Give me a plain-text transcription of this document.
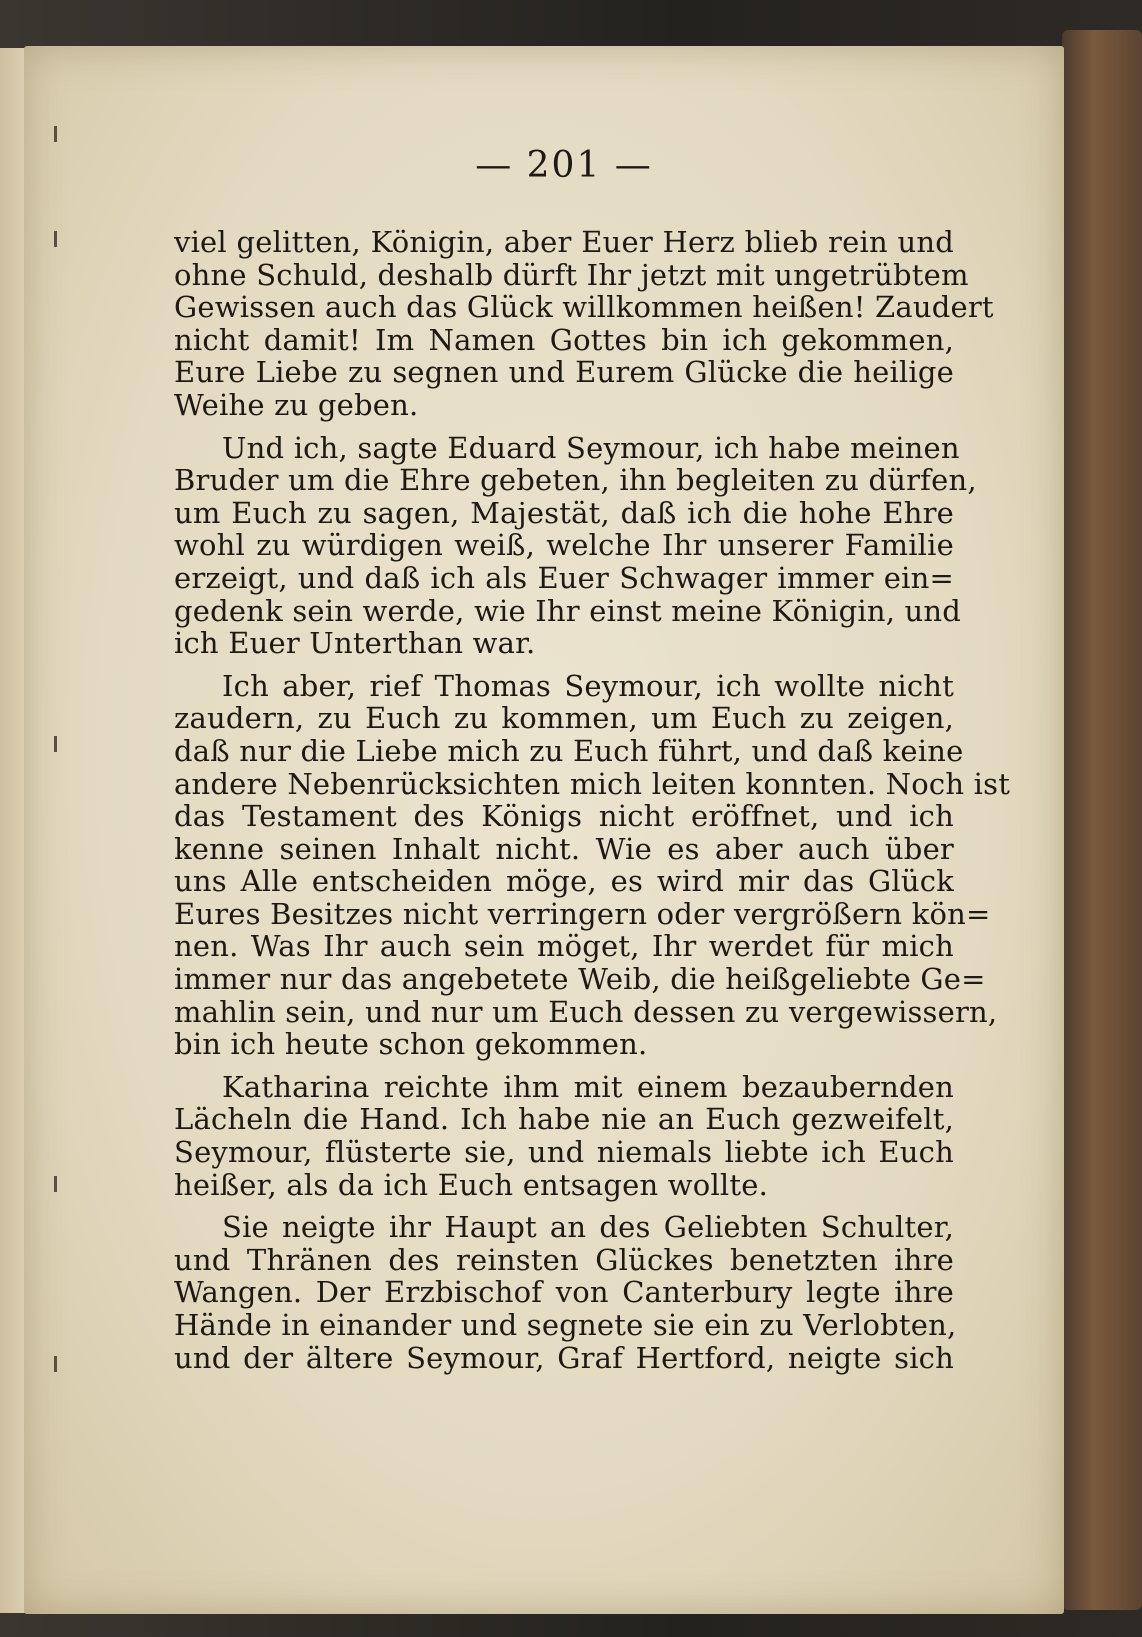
— 201 —
viel gelitten, Königin, aber Euer Herz blieb rein und
ohne Schuld, deshalb dürft Ihr jetzt mit ungetrübtem
Gewissen auch das Glück willkommen heißen! Zaudert
nicht damit! Im Namen Gottes bin ich gekommen,
Eure Liebe zu segnen und Eurem Glücke die heilige
Weihe zu geben.
Und ich, sagte Eduard Seymour, ich habe meinen
Bruder um die Ehre gebeten, ihn begleiten zu dürfen,
um Euch zu sagen, Majestät, daß ich die hohe Ehre
wohl zu würdigen weiß, welche Ihr unserer Familie
erzeigt, und daß ich als Euer Schwager immer ein=
gedenk sein werde, wie Ihr einst meine Königin, und
ich Euer Unterthan war.
Ich aber, rief Thomas Seymour, ich wollte nicht
zaudern, zu Euch zu kommen, um Euch zu zeigen,
daß nur die Liebe mich zu Euch führt, und daß keine
andere Nebenrücksichten mich leiten konnten. Noch ist
das Testament des Königs nicht eröffnet, und ich
kenne seinen Inhalt nicht. Wie es aber auch über
uns Alle entscheiden möge, es wird mir das Glück
Eures Besitzes nicht verringern oder vergrößern kön=
nen. Was Ihr auch sein möget, Ihr werdet für mich
immer nur das angebetete Weib, die heißgeliebte Ge=
mahlin sein, und nur um Euch dessen zu vergewissern,
bin ich heute schon gekommen.
Katharina reichte ihm mit einem bezaubernden
Lächeln die Hand. Ich habe nie an Euch gezweifelt,
Seymour, flüsterte sie, und niemals liebte ich Euch
heißer, als da ich Euch entsagen wollte.
Sie neigte ihr Haupt an des Geliebten Schulter,
und Thränen des reinsten Glückes benetzten ihre
Wangen. Der Erzbischof von Canterbury legte ihre
Hände in einander und segnete sie ein zu Verlobten,
und der ältere Seymour, Graf Hertford, neigte sich
